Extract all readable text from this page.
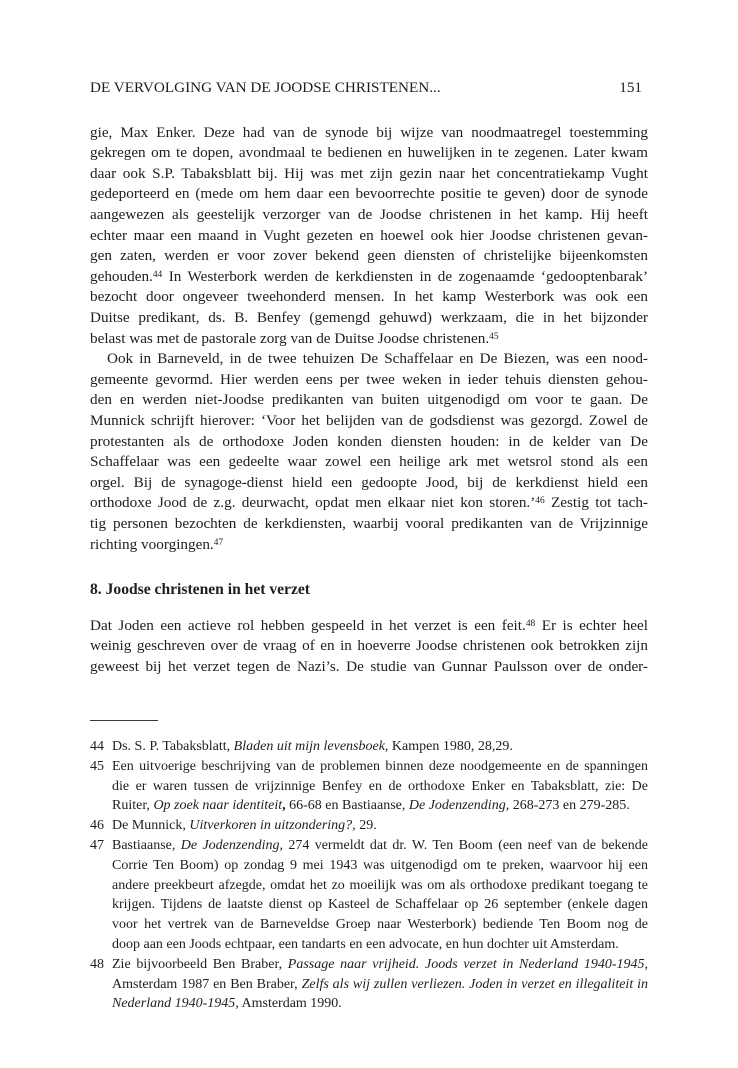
DE VERVOLGING VAN DE JOODSE CHRISTENEN...	151
gie, Max Enker. Deze had van de synode bij wijze van noodmaatregel toestemming
gekregen om te dopen, avondmaal te bedienen en huwelijken in te zegenen. Later kwam
daar ook S.P. Tabaksblatt bij. Hij was met zijn gezin naar het concentratiekamp Vught
gedeporteerd en (mede om hem daar een bevoorrechte positie te geven) door de synode
aangewezen als geestelijk verzorger van de Joodse christenen in het kamp. Hij heeft
echter maar een maand in Vught gezeten en hoewel ook hier Joodse christenen gevan-
gen zaten, werden er voor zover bekend geen diensten of christelijke bijeenkomsten
gehouden.$^{44}$ In Westerbork werden de kerkdiensten in de zogenaamde ‘gedooptenbarak’
bezocht door ongeveer tweehonderd mensen. In het kamp Westerbork was ook een
Duitse predikant, ds. B. Benfey (gemengd gehuwd) werkzaam, die in het bijzonder
belast was met de pastorale zorg van de Duitse Joodse christenen.$^{45}$
Ook in Barneveld, in de twee tehuizen De Schaffelaar en De Biezen, was een nood-
gemeente gevormd. Hier werden eens per twee weken in ieder tehuis diensten gehou-
den en werden niet-Joodse predikanten van buiten uitgenodigd om voor te gaan. De
Munnick schrijft hierover: ‘Voor het belijden van de godsdienst was gezorgd. Zowel de
protestanten als de orthodoxe Joden konden diensten houden: in de kelder van De
Schaffelaar was een gedeelte waar zowel een heilige ark met wetsrol stond als een
orgel. Bij de synagoge-dienst hield een gedoopte Jood, bij de kerkdienst hield een
orthodoxe Jood de z.g. deurwacht, opdat men elkaar niet kon storen.’$^{46}$ Zestig tot tach-
tig personen bezochten de kerkdiensten, waarbij vooral predikanten van de Vrijzinnige
richting voorgingen.$^{47}$
8. Joodse christenen in het verzet
Dat Joden een actieve rol hebben gespeeld in het verzet is een feit.$^{48}$ Er is echter heel
weinig geschreven over de vraag of en in hoeverre Joodse christenen ook betrokken zijn
geweest bij het verzet tegen de Nazi’s. De studie van Gunnar Paulsson over de onder-
44 Ds. S. P. Tabaksblatt, Bladen uit mijn levensboek, Kampen 1980, 28,29.
45 Een uitvoerige beschrijving van de problemen binnen deze noodgemeente en de spanningen
die er waren tussen de vrijzinnige Benfey en de orthodoxe Enker en Tabaksblatt, zie: De
Ruiter, Op zoek naar identiteit, 66-68 en Bastiaanse, De Jodenzending, 268-273 en 279-285.
46 De Munnick, Uitverkoren in uitzondering?, 29.
47 Bastiaanse, De Jodenzending, 274 vermeldt dat dr. W. Ten Boom (een neef van de bekende
Corrie Ten Boom) op zondag 9 mei 1943 was uitgenodigd om te preken, waarvoor hij een
andere preekbeurt afzegde, omdat het zo moeilijk was om als orthodoxe predikant toegang te
krijgen. Tijdens de laatste dienst op Kasteel de Schaffelaar op 26 september (enkele dagen
voor het vertrek van de Barneveldse Groep naar Westerbork) bediende Ten Boom nog de
doop aan een Joods echtpaar, een tandarts en een advocate, en hun dochter uit Amsterdam.
48 Zie bijvoorbeeld Ben Braber, Passage naar vrijheid. Joods verzet in Nederland 1940-1945,
Amsterdam 1987 en Ben Braber, Zelfs als wij zullen verliezen. Joden in verzet en illegaliteit in
Nederland 1940-1945, Amsterdam 1990.
